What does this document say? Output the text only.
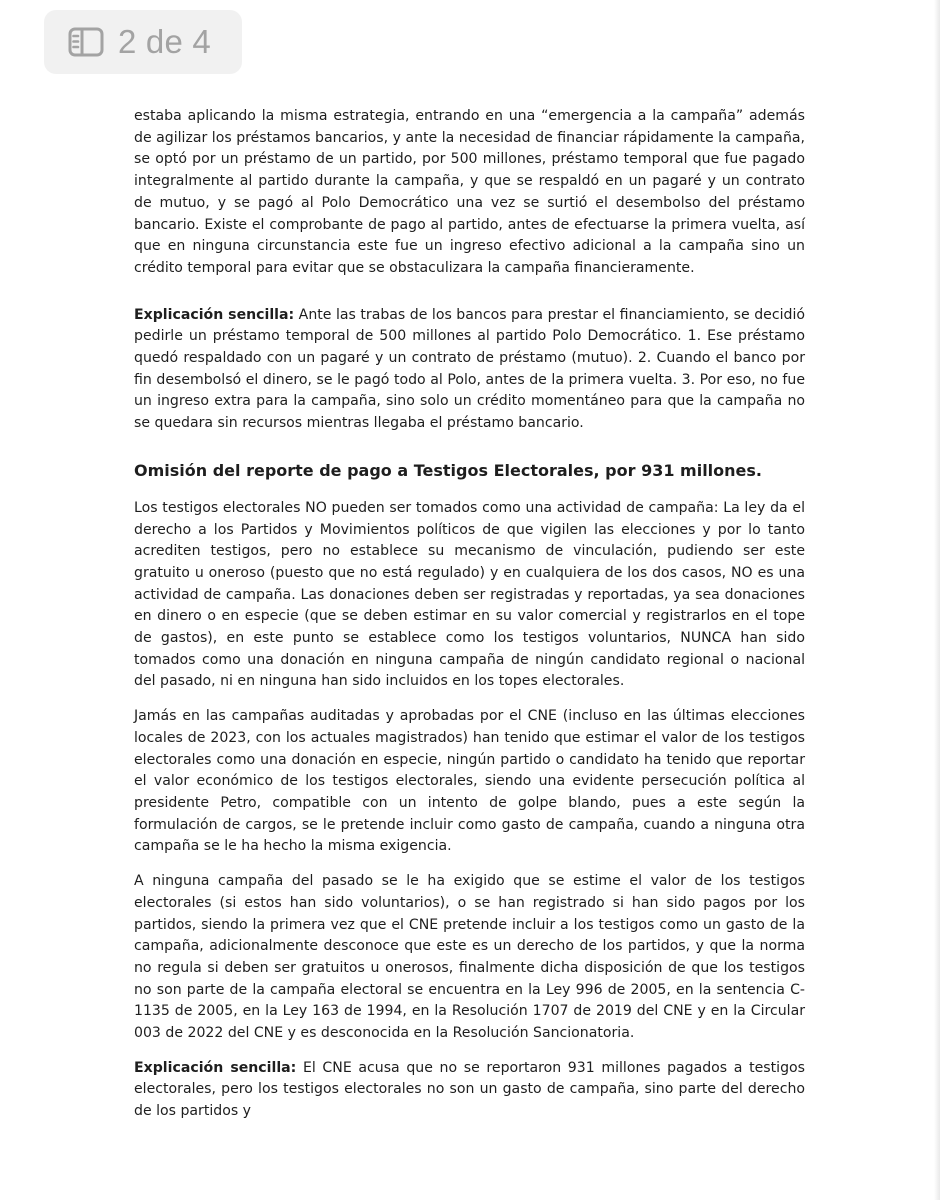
2 de 4

estaba aplicando la misma estrategia, entrando en una “emergencia a la campaña” además de agilizar los préstamos bancarios, y ante la necesidad de financiar rápidamente la campaña, se optó por un préstamo de un partido, por 500 millones, préstamo temporal que fue pagado integralmente al partido durante la campaña, y que se respaldó en un pagaré y un contrato de mutuo, y se pagó al Polo Democrático una vez se surtió el desembolso del préstamo bancario. Existe el comprobante de pago al partido, antes de efectuarse la primera vuelta, así que en ninguna circunstancia este fue un ingreso efectivo adicional a la campaña sino un crédito temporal para evitar que se obstaculizara la campaña financieramente.

Explicación sencilla: Ante las trabas de los bancos para prestar el financiamiento, se decidió pedirle un préstamo temporal de 500 millones al partido Polo Democrático. 1. Ese préstamo quedó respaldado con un pagaré y un contrato de préstamo (mutuo). 2. Cuando el banco por fin desembolsó el dinero, se le pagó todo al Polo, antes de la primera vuelta. 3. Por eso, no fue un ingreso extra para la campaña, sino solo un crédito momentáneo para que la campaña no se quedara sin recursos mientras llegaba el préstamo bancario.

Omisión del reporte de pago a Testigos Electorales, por 931 millones.

Los testigos electorales NO pueden ser tomados como una actividad de campaña: La ley da el derecho a los Partidos y Movimientos políticos de que vigilen las elecciones y por lo tanto acrediten testigos, pero no establece su mecanismo de vinculación, pudiendo ser este gratuito u oneroso (puesto que no está regulado) y en cualquiera de los dos casos, NO es una actividad de campaña. Las donaciones deben ser registradas y reportadas, ya sea donaciones en dinero o en especie (que se deben estimar en su valor comercial y registrarlos en el tope de gastos), en este punto se establece como los testigos voluntarios, NUNCA han sido tomados como una donación en ninguna campaña de ningún candidato regional o nacional del pasado, ni en ninguna han sido incluidos en los topes electorales.

Jamás en las campañas auditadas y aprobadas por el CNE (incluso en las últimas elecciones locales de 2023, con los actuales magistrados) han tenido que estimar el valor de los testigos electorales como una donación en especie, ningún partido o candidato ha tenido que reportar el valor económico de los testigos electorales, siendo una evidente persecución política al presidente Petro, compatible con un intento de golpe blando, pues a este según la formulación de cargos, se le pretende incluir como gasto de campaña, cuando a ninguna otra campaña se le ha hecho la misma exigencia.

A ninguna campaña del pasado se le ha exigido que se estime el valor de los testigos electorales (si estos han sido voluntarios), o se han registrado si han sido pagos por los partidos, siendo la primera vez que el CNE pretende incluir a los testigos como un gasto de la campaña, adicionalmente desconoce que este es un derecho de los partidos, y que la norma no regula si deben ser gratuitos u onerosos, finalmente dicha disposición de que los testigos no son parte de la campaña electoral se encuentra en la Ley 996 de 2005, en la sentencia C-1135 de 2005, en la Ley 163 de 1994, en la Resolución 1707 de 2019 del CNE y en la Circular 003 de 2022 del CNE y es desconocida en la Resolución Sancionatoria.

Explicación sencilla: El CNE acusa que no se reportaron 931 millones pagados a testigos electorales, pero los testigos electorales no son un gasto de campaña, sino parte del derecho de los partidos y
